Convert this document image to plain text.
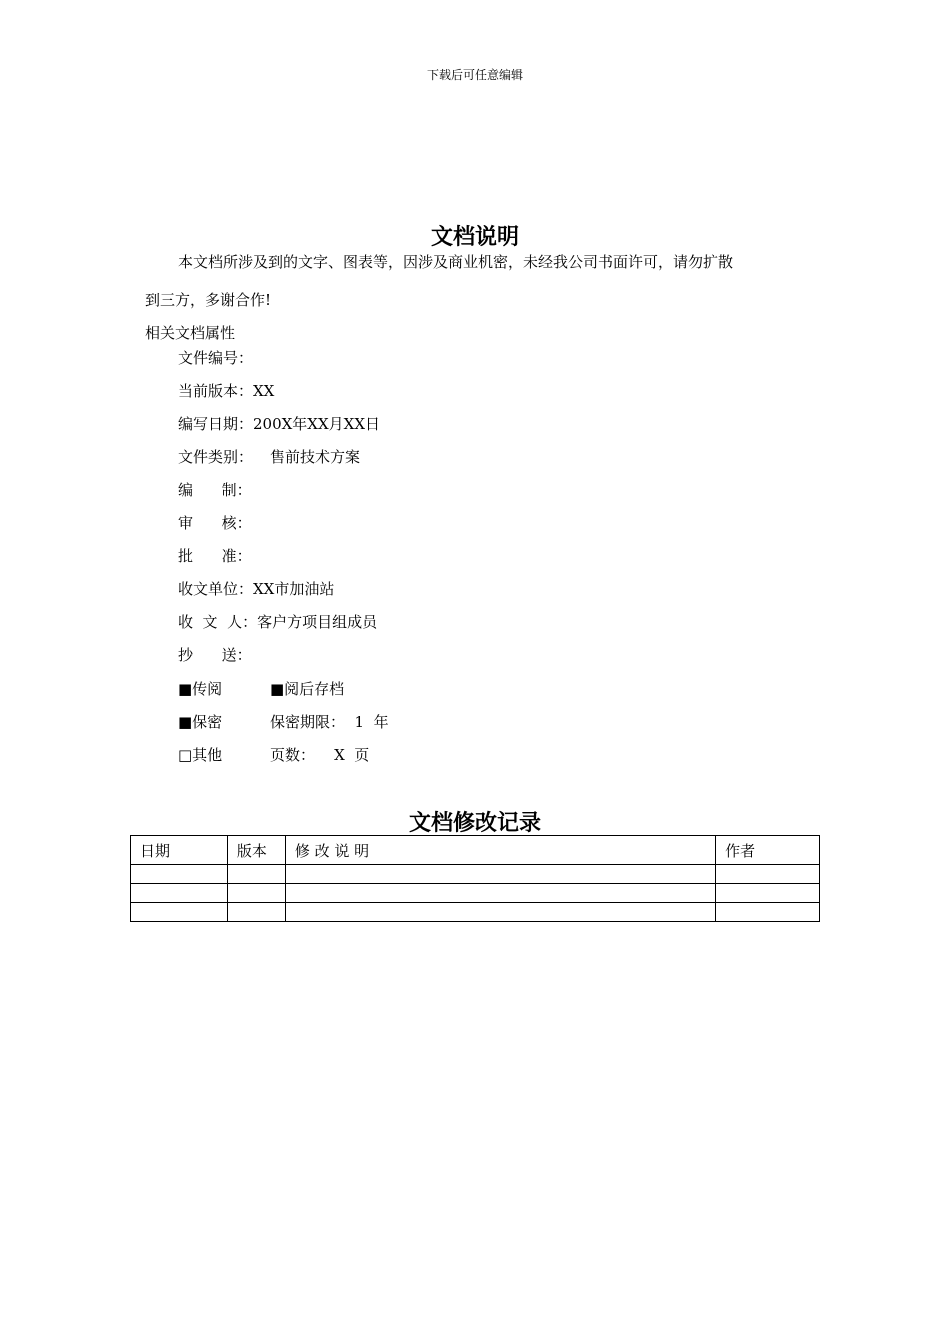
下载后可任意编辑
文档说明
本文档所涉及到的文字、图表等，因涉及商业机密，未经我公司书面许可，请勿扩散
到三方，多谢合作!
相关文档属性
文件编号：
当前版本：XX
编写日期：200X年XX月XX日
文件类别： 售前技术方案
编      制：
审      核：
批      准：
收文单位：XX市加油站
收  文  人：客户方项目组成员
抄      送：
■传阅	■阅后存档
■保密	保密期限：  1  年
□其他	页数：    X  页
文档修改记录
日期	版本	修 改 说 明	作者
